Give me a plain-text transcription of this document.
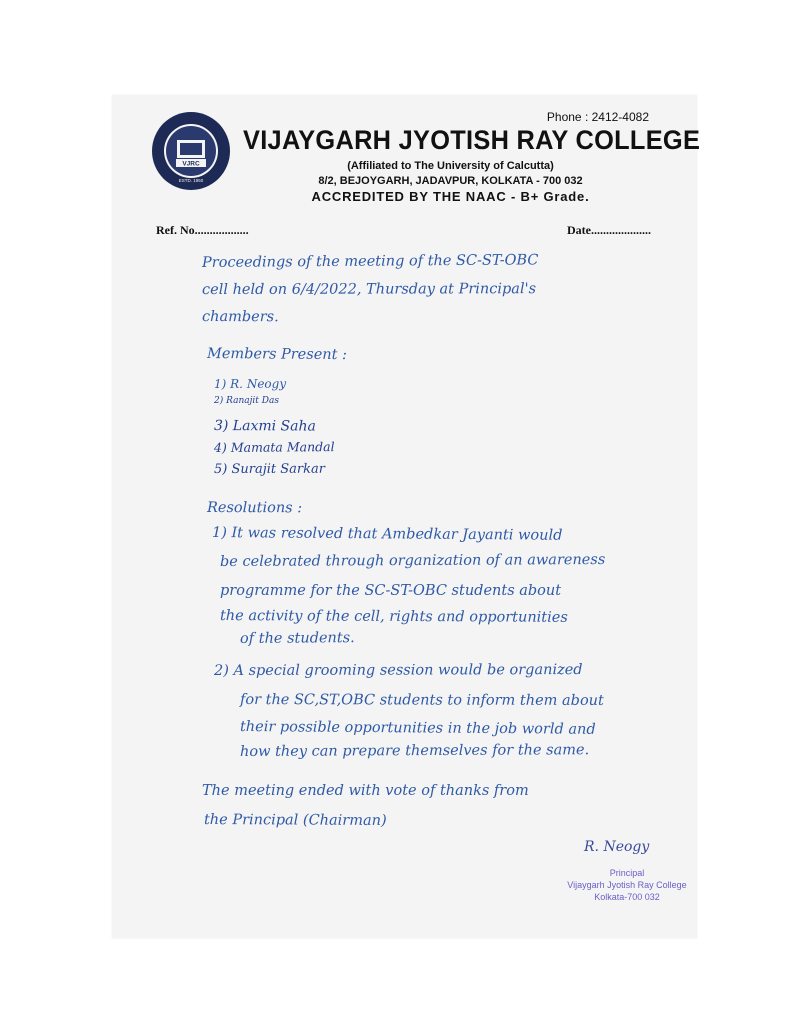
VJRC
ESTD. 1950
Phone : 2412-4082
VIJAYGARH JYOTISH RAY COLLEGE
(Affiliated to The University of Calcutta)
8/2, BEJOYGARH, JADAVPUR, KOLKATA - 700 032
ACCREDITED BY THE NAAC - B+ Grade.
Ref. No..................	Date....................
Proceedings of the meeting of the SC-ST-OBC
cell held on 6/4/2022, Thursday at Principal's
chambers.
Members Present :
1) R. Neogy
2) Ranajit Das
3) Laxmi Saha
4) Mamata Mandal
5) Surajit Sarkar
Resolutions :
1) It was resolved that Ambedkar Jayanti would
be celebrated through organization of an awareness
programme for the SC-ST-OBC students about
the activity of the cell, rights and opportunities
of the students.
2) A special grooming session would be organized
for the SC,ST,OBC students to inform them about
their possible opportunities in the job world and
how they can prepare themselves for the same.
The meeting ended with vote of thanks from
the Principal (Chairman)
R. Neogy
Principal
Vijaygarh Jyotish Ray College
Kolkata-700 032
